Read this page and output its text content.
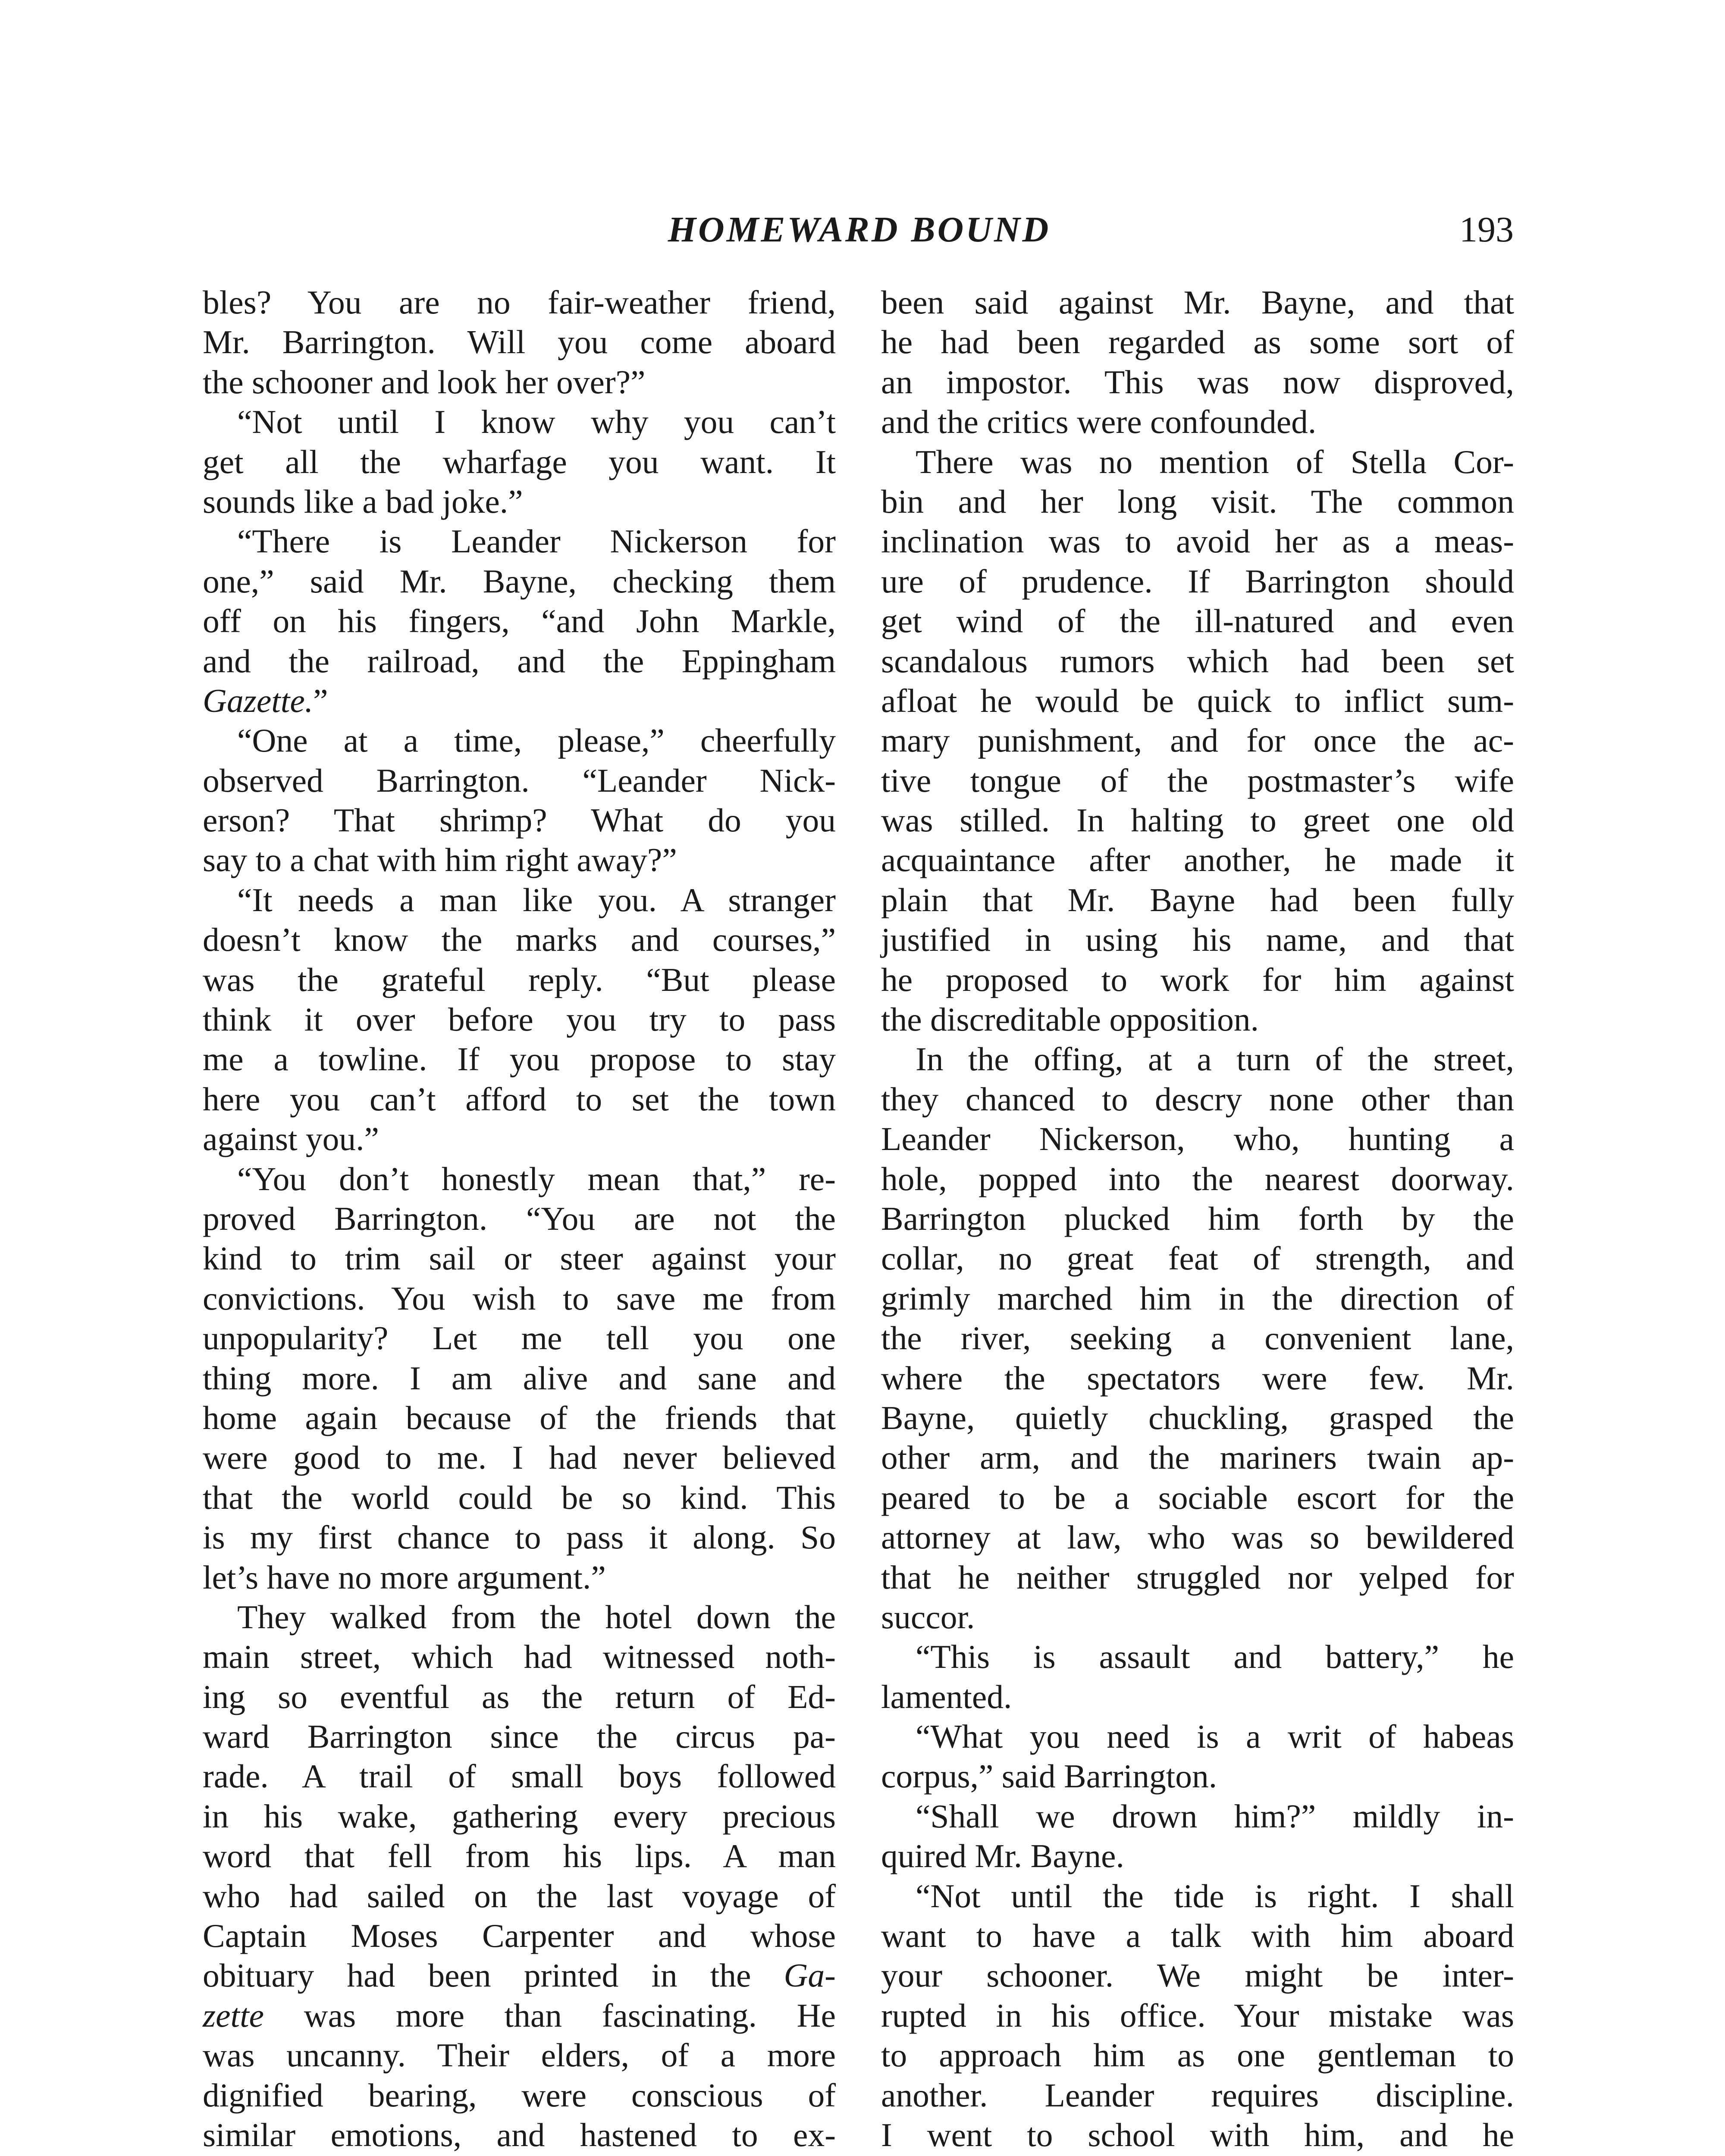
HOMEWARD BOUND	193
bles? You are no fair-weather friend,
Mr. Barrington. Will you come aboard
the schooner and look her over?”
“Not until I know why you can’t
get all the wharfage you want. It
sounds like a bad joke.”
“There is Leander Nickerson for
one,” said Mr. Bayne, checking them
off on his fingers, “and John Markle,
and the railroad, and the Eppingham
Gazette.”
“One at a time, please,” cheerfully
observed Barrington. “Leander Nick-
erson? That shrimp? What do you
say to a chat with him right away?”
“It needs a man like you. A stranger
doesn’t know the marks and courses,”
was the grateful reply. “But please
think it over before you try to pass
me a towline. If you propose to stay
here you can’t afford to set the town
against you.”
“You don’t honestly mean that,” re-
proved Barrington. “You are not the
kind to trim sail or steer against your
convictions. You wish to save me from
unpopularity? Let me tell you one
thing more. I am alive and sane and
home again because of the friends that
were good to me. I had never believed
that the world could be so kind. This
is my first chance to pass it along. So
let’s have no more argument.”
They walked from the hotel down the
main street, which had witnessed noth-
ing so eventful as the return of Ed-
ward Barrington since the circus pa-
rade. A trail of small boys followed
in his wake, gathering every precious
word that fell from his lips. A man
who had sailed on the last voyage of
Captain Moses Carpenter and whose
obituary had been printed in the Ga-
zette was more than fascinating. He
was uncanny. Their elders, of a more
dignified bearing, were conscious of
similar emotions, and hastened to ex-
been said against Mr. Bayne, and that
he had been regarded as some sort of
an impostor. This was now disproved,
and the critics were confounded.
There was no mention of Stella Cor-
bin and her long visit. The common
inclination was to avoid her as a meas-
ure of prudence. If Barrington should
get wind of the ill-natured and even
scandalous rumors which had been set
afloat he would be quick to inflict sum-
mary punishment, and for once the ac-
tive tongue of the postmaster’s wife
was stilled. In halting to greet one old
acquaintance after another, he made it
plain that Mr. Bayne had been fully
justified in using his name, and that
he proposed to work for him against
the discreditable opposition.
In the offing, at a turn of the street,
they chanced to descry none other than
Leander Nickerson, who, hunting a
hole, popped into the nearest doorway.
Barrington plucked him forth by the
collar, no great feat of strength, and
grimly marched him in the direction of
the river, seeking a convenient lane,
where the spectators were few. Mr.
Bayne, quietly chuckling, grasped the
other arm, and the mariners twain ap-
peared to be a sociable escort for the
attorney at law, who was so bewildered
that he neither struggled nor yelped for
succor.
“This is assault and battery,” he
lamented.
“What you need is a writ of habeas
corpus,” said Barrington.
“Shall we drown him?” mildly in-
quired Mr. Bayne.
“Not until the tide is right. I shall
want to have a talk with him aboard
your schooner. We might be inter-
rupted in his office. Your mistake was
to approach him as one gentleman to
another. Leander requires discipline.
I went to school with him, and he
